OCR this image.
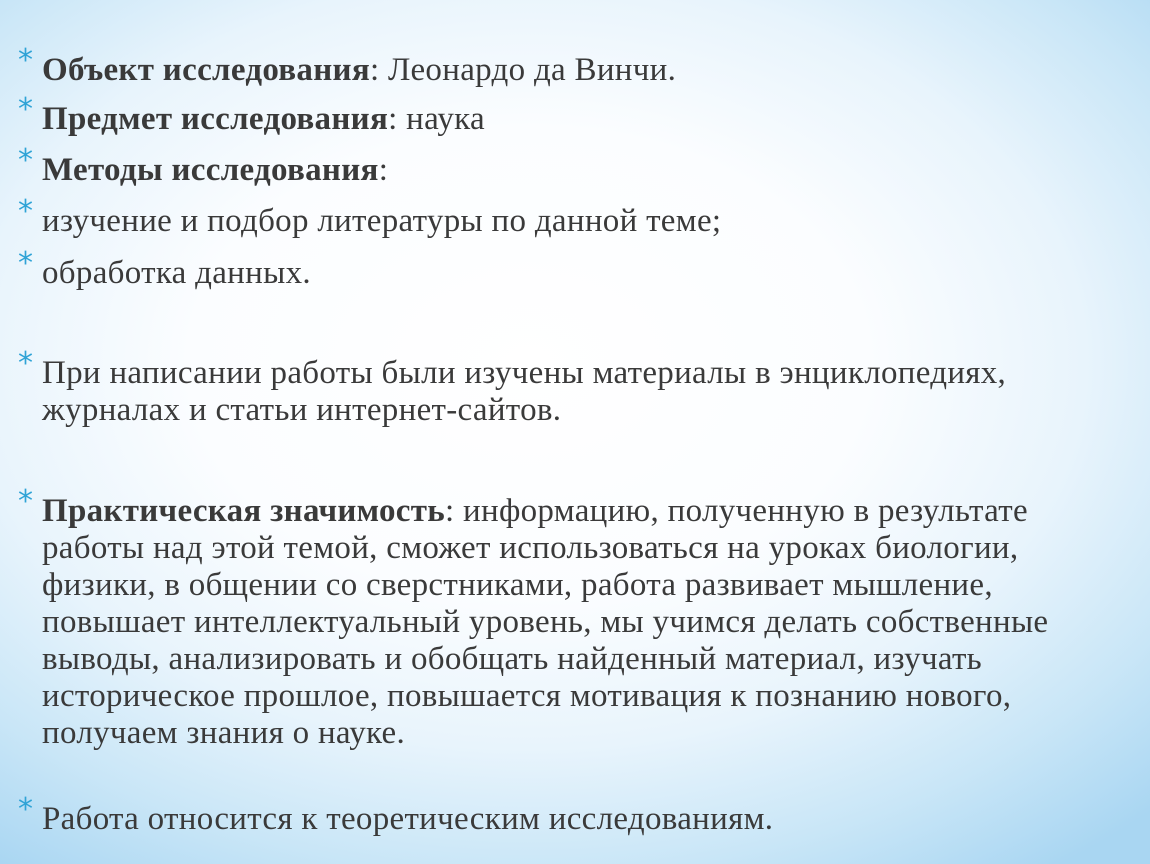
* Объект исследования: Леонардо да Винчи.
* Предмет исследования: наука
* Методы исследования:
* изучение и подбор литературы по данной теме;
* обработка данных.
* При написании работы были изучены материалы в энциклопедиях, журналах и статьи интернет-сайтов.
* Практическая значимость: информацию, полученную в результате работы над этой темой, сможет использоваться на уроках биологии, физики, в общении со сверстниками, работа развивает мышление, повышает интеллектуальный уровень, мы учимся делать собственные выводы, анализировать и обобщать найденный материал, изучать историческое прошлое, повышается мотивация к познанию нового, получаем знания о науке.
* Работа относится к теоретическим исследованиям.
